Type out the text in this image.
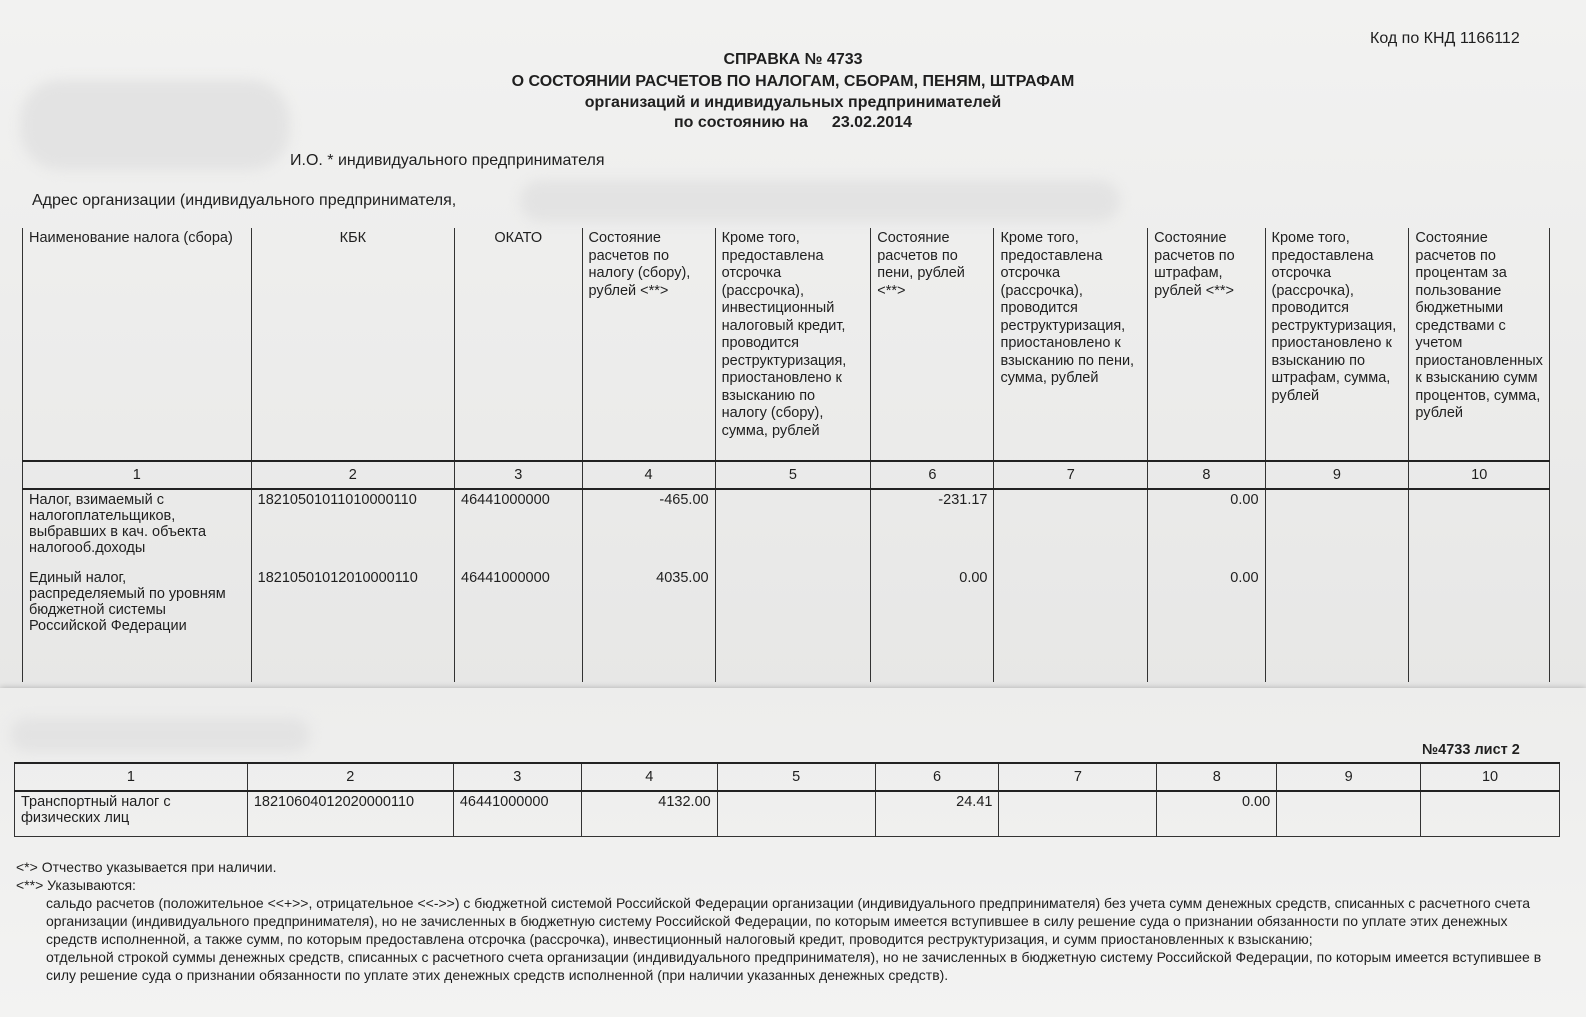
Код по КНД 1166112
СПРАВКА № 4733
О СОСТОЯНИИ РАСЧЕТОВ ПО НАЛОГАМ, СБОРАМ, ПЕНЯМ, ШТРАФАМ
организаций и индивидуальных предпринимателей
по состоянию на 23.02.2014
И.О. * индивидуального предпринимателя
Адрес организации (индивидуального предпринимателя,
Наименование налога (сбора)	КБК	ОКАТО	Состояние расчетов по налогу (сбору), рублей <**>	Кроме того, предоставлена отсрочка (рассрочка), инвестиционный налоговый кредит, проводится реструктуризация, приостановлено к взысканию по налогу (сбору), сумма, рублей	Состояние расчетов по пени, рублей <**>	Кроме того, предоставлена отсрочка (рассрочка), проводится реструктуризация, приостановлено к взысканию по пени, сумма, рублей	Состояние расчетов по штрафам, рублей <**>	Кроме того, предоставлена отсрочка (рассрочка), проводится реструктуризация, приостановлено к взысканию по штрафам, сумма, рублей	Состояние расчетов по процентам за пользование бюджетными средствами с учетом приостановленных к взысканию сумм процентов, сумма, рублей
1	2	3	4	5	6	7	8	9	10
Налог, взимаемый с налогоплательщиков, выбравших в кач. объекта налогооб.доходы	18210501011010000110	46441000000	-465.00		-231.17		0.00		
Единый налог, распределяемый по уровням бюджетной системы Российской Федерации	18210501012010000110	46441000000	4035.00		0.00		0.00		
№4733 лист 2
1	2	3	4	5	6	7	8	9	10
Транспортный налог с физических лиц	18210604012020000110	46441000000	4132.00		24.41		0.00		

<*> Отчество указывается при наличии.

<**> Указываются:

сальдо расчетов (положительное <<+>>, отрицательное <<->>) с бюджетной системой Российской Федерации организации (индивидуального предпринимателя) без учета сумм денежных средств, списанных с расчетного счета организации (индивидуального предпринимателя), но не зачисленных в бюджетную систему Российской Федерации, по которым имеется вступившее в силу решение суда о признании обязанности по уплате этих денежных средств исполненной, а также сумм, по которым предоставлена отсрочка (рассрочка), инвестиционный налоговый кредит, проводится реструктуризация, и сумм приостановленных к взысканию;

отдельной строкой суммы денежных средств, списанных с расчетного счета организации (индивидуального предпринимателя), но не зачисленных в бюджетную систему Российской Федерации, по которым имеется вступившее в силу решение суда о признании обязанности по уплате этих денежных средств исполненной (при наличии указанных денежных средств).
